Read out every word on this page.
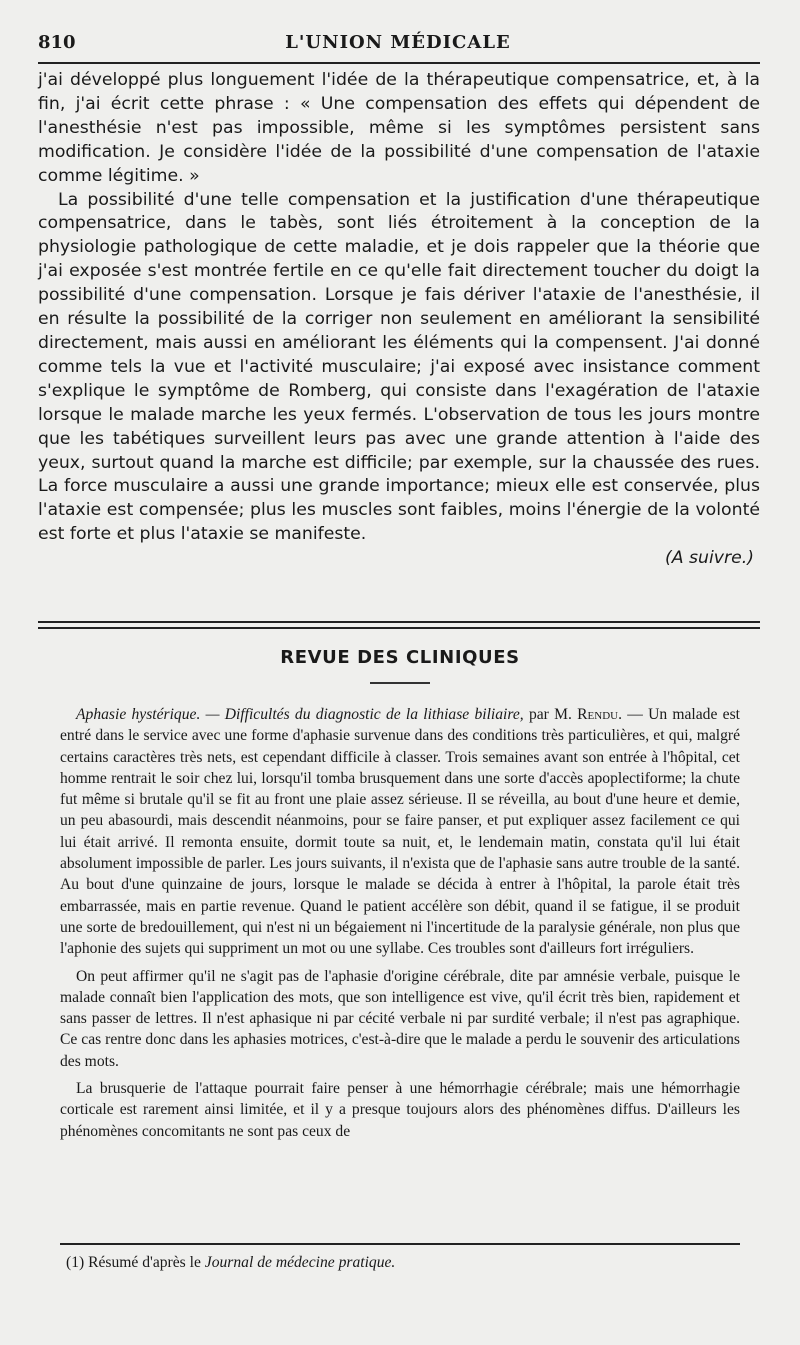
810	L'UNION MÉDICALE

j'ai développé plus longuement l'idée de la thérapeutique compensatrice, et, à la fin, j'ai écrit cette phrase : « Une compensation des effets qui dépendent de l'anesthésie n'est pas impossible, même si les symptômes persistent sans modification. Je considère l'idée de la possibilité d'une compensation de l'ataxie comme légitime. »

La possibilité d'une telle compensation et la justification d'une thérapeutique compensatrice, dans le tabès, sont liés étroitement à la conception de la physiologie pathologique de cette maladie, et je dois rappeler que la théorie que j'ai exposée s'est montrée fertile en ce qu'elle fait directement toucher du doigt la possibilité d'une compensation. Lorsque je fais dériver l'ataxie de l'anesthésie, il en résulte la possibilité de la corriger non seulement en améliorant la sensibilité directement, mais aussi en améliorant les éléments qui la compensent. J'ai donné comme tels la vue et l'activité musculaire; j'ai exposé avec insistance comment s'explique le symptôme de Romberg, qui consiste dans l'exagération de l'ataxie lorsque le malade marche les yeux fermés. L'observation de tous les jours montre que les tabétiques surveillent leurs pas avec une grande attention à l'aide des yeux, surtout quand la marche est difficile; par exemple, sur la chaussée des rues. La force musculaire a aussi une grande importance; mieux elle est conservée, plus l'ataxie est compensée; plus les muscles sont faibles, moins l'énergie de la volonté est forte et plus l'ataxie se manifeste.

(A suivre.)

REVUE DES CLINIQUES

Aphasie hystérique. — Difficultés du diagnostic de la lithiase biliaire, par M. Rendu. — Un malade est entré dans le service avec une forme d'aphasie survenue dans des conditions très particulières, et qui, malgré certains caractères très nets, est cependant difficile à classer. Trois semaines avant son entrée à l'hôpital, cet homme rentrait le soir chez lui, lorsqu'il tomba brusquement dans une sorte d'accès apoplectiforme; la chute fut même si brutale qu'il se fit au front une plaie assez sérieuse. Il se réveilla, au bout d'une heure et demie, un peu abasourdi, mais descendit néanmoins, pour se faire panser, et put expliquer assez facilement ce qui lui était arrivé. Il remonta ensuite, dormit toute sa nuit, et, le lendemain matin, constata qu'il lui était absolument impossible de parler. Les jours suivants, il n'exista que de l'aphasie sans autre trouble de la santé. Au bout d'une quinzaine de jours, lorsque le malade se décida à entrer à l'hôpital, la parole était très embarrassée, mais en partie revenue. Quand le patient accélère son débit, quand il se fatigue, il se produit une sorte de bredouillement, qui n'est ni un bégaiement ni l'incertitude de la paralysie générale, non plus que l'aphonie des sujets qui suppriment un mot ou une syllabe. Ces troubles sont d'ailleurs fort irréguliers.

On peut affirmer qu'il ne s'agit pas de l'aphasie d'origine cérébrale, dite par amnésie verbale, puisque le malade connaît bien l'application des mots, que son intelligence est vive, qu'il écrit très bien, rapidement et sans passer de lettres. Il n'est aphasique ni par cécité verbale ni par surdité verbale; il n'est pas agraphique. Ce cas rentre donc dans les aphasies motrices, c'est-à-dire que le malade a perdu le souvenir des articulations des mots.

La brusquerie de l'attaque pourrait faire penser à une hémorrhagie cérébrale; mais une hémorrhagie corticale est rarement ainsi limitée, et il y a presque toujours alors des phénomènes diffus. D'ailleurs les phénomènes concomitants ne sont pas ceux de

(1) Résumé d'après le Journal de médecine pratique.
